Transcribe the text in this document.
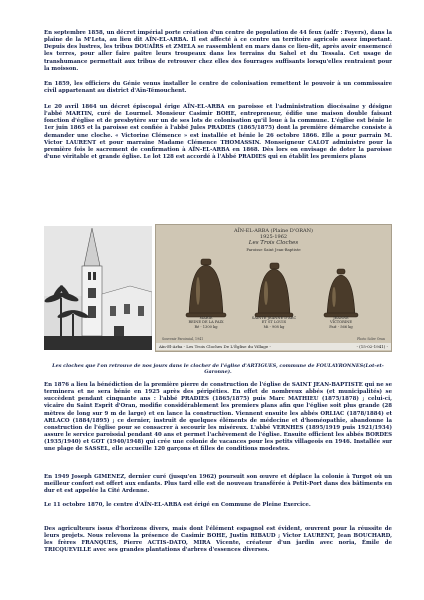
En septembre 1858, un décret impérial porte création d'un centre de population de 44 feux (adfr : Foyers), dans la plaine de la M'Leta, au lieu dit AÏN-EL-ARBA. Il est affecté à ce centre un territoire agricole assez important. Depuis des lustres, les tribus DOUAÏRS et ZMELA se rassemblent en mars dans ce lieu-dit, après avoir ensemencé les terres, pour aller faire paître leurs troupeaux dans les terrains du Sahel et du Tessala. Cet usage de transhumance permettait aux tribus de retrouver chez elles des fourrages suffisants lorsqu'elles rentraient pour la moisson.

En 1859, les officiers du Génie venus installer le centre de colonisation remettent le pouvoir à un commissaire civil appartenant au district d'Aïn-Témouchent.

Le 20 avril 1864 un décret épiscopal érige AÏN-EL-ARBA en paroisse et l'administration diocésaine y désigne l'abbé MARTIN, curé de Lourmel. Monsieur Casimir BOHE, entrepreneur, édifie une maison double faisant fonction d'église et de presbytère sur un de ses lots de colonisation qu'il loue à la commune. L'église est bénie le 1er juin 1865 et la paroisse est confiée à l'abbé Jules PRADIES (1865/1875) dont la première démarche consiste à demander une cloche. « Victorine Clémence » est installée et bénie le 26 octobre 1866. Elle a pour parrain M. Victor LAURENT et pour marraine Madame Clémence THOMASSIN. Monseigneur CALOT administre pour la première fois le sacrement de confirmation à AÏN-EL-ARBA en 1868. Dès lors on envisage de doter la paroisse d'une véritable et grande église. Le lot 128 est accordé à l'Abbé PRADIES qui en établit les premiers plans

AÏN-EL-ARBA (Plaine D'ORAN)
1925-1962
Les Trois Cloches
Paroisse Saint Jean-Baptiste
MARIE
REINE DE LA PAIX
Ré - 1300 kg
SAINTE JEANNE D'ARC
ET ST LOUIS
Mi - 908 kg
JEANNE
VICTORINE
Fa# - 566 kg
Souvenir Paroissial, 1941	Photo Soler Oran
Aïn-El-Arba - Les Trois Cloches De L'Église du Village -	- (15-02-1941) -
Les cloches que l'on retrouve de nos jours dans le clocher de l'église d'ARTIGUES, commune de FOULAYRONNES(Lot-et-Garonne).

En 1876 a lieu la bénédiction de la première pierre de construction de l'église de SAINT JEAN-BAPTISTE qui ne se terminera et ne sera bénie en 1925 après des péripéties. En effet de nombreux abbés (et municipalités) se succèdent pendant cinquante ans : l'abbé PRADIES (1865/1875) puis Marc MATHIEU (1875/1878) ; celui-ci, vicaire du Saint Esprit d'Oran, modifie considérablement les premiers plans afin que l'église soit plus grande (28 mètres de long sur 9 m de large) et en lance la construction. Viennent ensuite les abbés ORLIAC (1878/1884) et ARLACO (1884/1895) ; ce dernier, instruit de quelques éléments de médecine et d'homéopathie, abandonne la construction de l'église pour se consacrer à secourir les miséreux. L'abbé VERNHES (1895/1919 puis 1921/1934) assure le service paroissial pendant 40 ans et permet l'achèvement de l'église. Ensuite officient les abbés BORDES (1935/1940) et GOT (1940/1948) qui crée une colonie de vacances pour les petits villageois en 1946. Installée sur une plage de SASSEL, elle accueille 120 garçons et filles de conditions modestes.

En 1949 Joseph GIMENEZ, dernier curé (jusqu'en 1962) poursuit son œuvre et déplace la colonie à Turgot où un meilleur confort est offert aux enfants. Plus tard elle est de nouveau transférée à Petit-Port dans des bâtiments en dur et est appelée la Cité Ardenne.

Le 11 octobre 1870, le centre d'AÏN-EL-ARBA est érigé en Commune de Pleine Exercice.

Des agriculteurs issus d'horizons divers, mais dont l'élément espagnol est évident, œuvrent pour la réussite de leurs projets. Nous relevons la présence de Casimir BOHE, Justin RIBAUD ; Victor LAURENT, Jean BOUCHARD, les frères FRANQUES, Pierre ACTIS-DATO, MIRA Vicente, créateur d'un jardin avec noria, Émile de TRICQUEVILLE avec ses grandes plantations d'arbres d'essences diverses.
